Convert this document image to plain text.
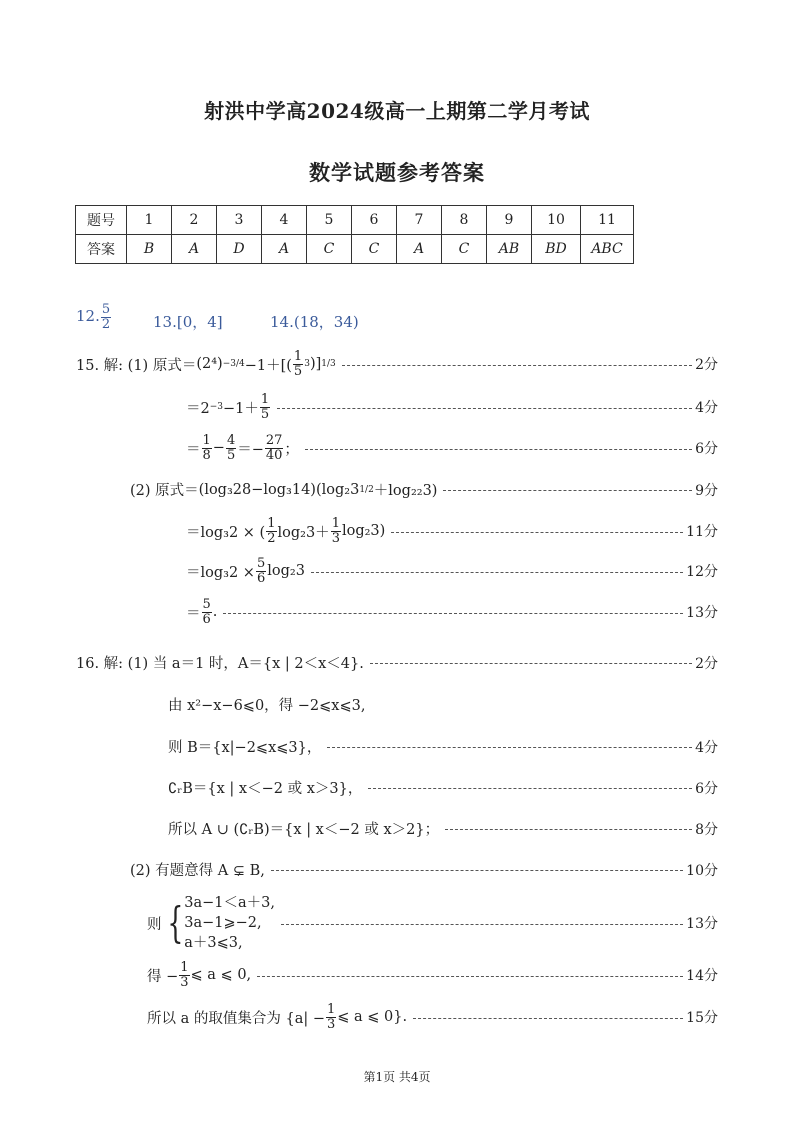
射洪中学高2024级高一上期第二学月考试
数学试题参考答案
题号	1	2	3	4	5	6	7	8	9	10	11
答案	B	A	D	A	C	C	A	C	AB	BD	ABC
12. $\frac{5}{2}$	13.[0，4]	14.(18，34)
15. 解:
(1) 原式＝ $(2^4) -3/4 -1+[( \frac{1}{5} 3$ )] 1/3	2分
$=2 -3 -1+ \frac{1}{5}$	4分
＝ $\frac{1}{8} - \frac{4}{5} =- \frac{27}{40}$ ；	6分
(2) 原式＝ (log₃28−log₃14) (log₂3 1/2 ＋log₂₂3)	9分
＝log₃2 × ( $\frac{1}{2} \log_23+ \frac{1}{3} \log_23$)	11分
$=\log_32 \times \frac{5}{6} \log_23$	12分
＝ $\frac{5}{6}$ .	13分
16. 解:
(1) 当 a＝1 时，A＝{x | 2＜x＜4}.	2分
由 x²−x−6⩽0，得 −2⩽x⩽3,
则 B＝{x|−2⩽x⩽3}，	4分
∁ᵣB＝{x | x＜−2 或 x＞3}，	6分
所以 A ∪ (∁ᵣB)＝{x | x＜−2 或 x＞2}；	8分
(2) 有题意得 A ⊊ B,	10分
则 { 3a−1＜a＋3,
3a−1⩾−2,
a＋3⩽3,
13分
得 − $\frac{1}{3}$ ⩽ a ⩽ 0,	14分
所以 a 的取值集合为 {$a| - \frac{1}{3}$ ⩽ a ⩽ 0}.	15分
第1页 共4页
